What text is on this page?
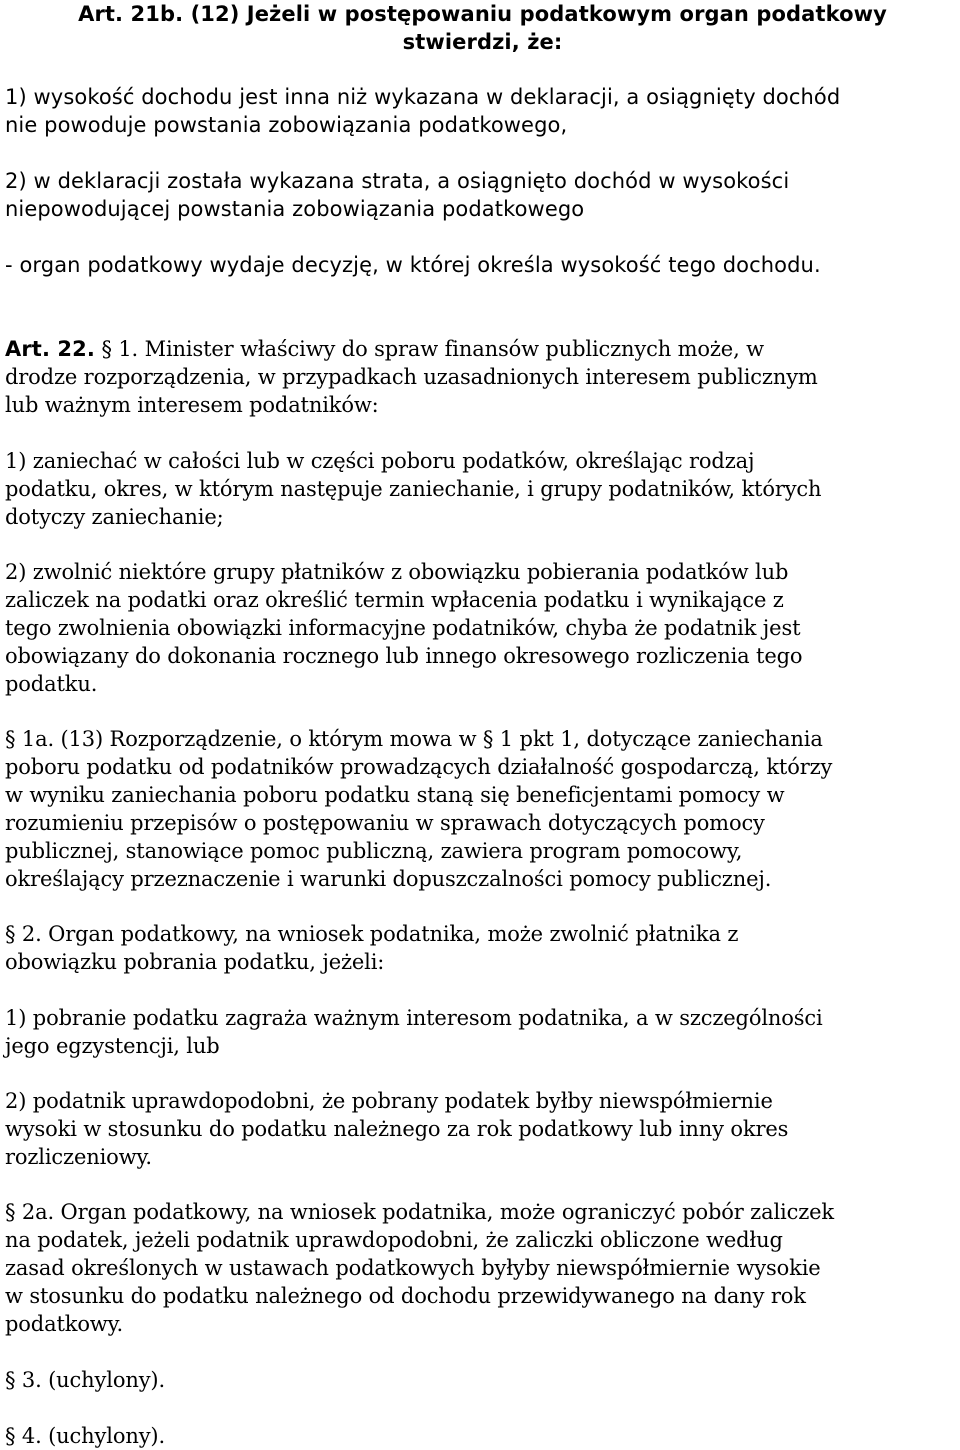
Art. 21b. (12) Jeżeli w postępowaniu podatkowym organ podatkowy
stwierdzi, że:
1) wysokość dochodu jest inna niż wykazana w deklaracji, a osiągnięty dochód
nie powoduje powstania zobowiązania podatkowego,
2) w deklaracji została wykazana strata, a osiągnięto dochód w wysokości
niepowodującej powstania zobowiązania podatkowego
- organ podatkowy wydaje decyzję, w której określa wysokość tego dochodu.
Art. 22. § 1. Minister właściwy do spraw finansów publicznych może, w
drodze rozporządzenia, w przypadkach uzasadnionych interesem publicznym
lub ważnym interesem podatników:
1) zaniechać w całości lub w części poboru podatków, określając rodzaj
podatku, okres, w którym następuje zaniechanie, i grupy podatników, których
dotyczy zaniechanie;
2) zwolnić niektóre grupy płatników z obowiązku pobierania podatków lub
zaliczek na podatki oraz określić termin wpłacenia podatku i wynikające z
tego zwolnienia obowiązki informacyjne podatników, chyba że podatnik jest
obowiązany do dokonania rocznego lub innego okresowego rozliczenia tego
podatku.
§ 1a. (13) Rozporządzenie, o którym mowa w § 1 pkt 1, dotyczące zaniechania
poboru podatku od podatników prowadzących działalność gospodarczą, którzy
w wyniku zaniechania poboru podatku staną się beneficjentami pomocy w
rozumieniu przepisów o postępowaniu w sprawach dotyczących pomocy
publicznej, stanowiące pomoc publiczną, zawiera program pomocowy,
określający przeznaczenie i warunki dopuszczalności pomocy publicznej.
§ 2. Organ podatkowy, na wniosek podatnika, może zwolnić płatnika z
obowiązku pobrania podatku, jeżeli:
1) pobranie podatku zagraża ważnym interesom podatnika, a w szczególności
jego egzystencji, lub
2) podatnik uprawdopodobni, że pobrany podatek byłby niewspółmiernie
wysoki w stosunku do podatku należnego za rok podatkowy lub inny okres
rozliczeniowy.
§ 2a. Organ podatkowy, na wniosek podatnika, może ograniczyć pobór zaliczek
na podatek, jeżeli podatnik uprawdopodobni, że zaliczki obliczone według
zasad określonych w ustawach podatkowych byłyby niewspółmiernie wysokie
w stosunku do podatku należnego od dochodu przewidywanego na dany rok
podatkowy.
§ 3. (uchylony).
§ 4. (uchylony).
